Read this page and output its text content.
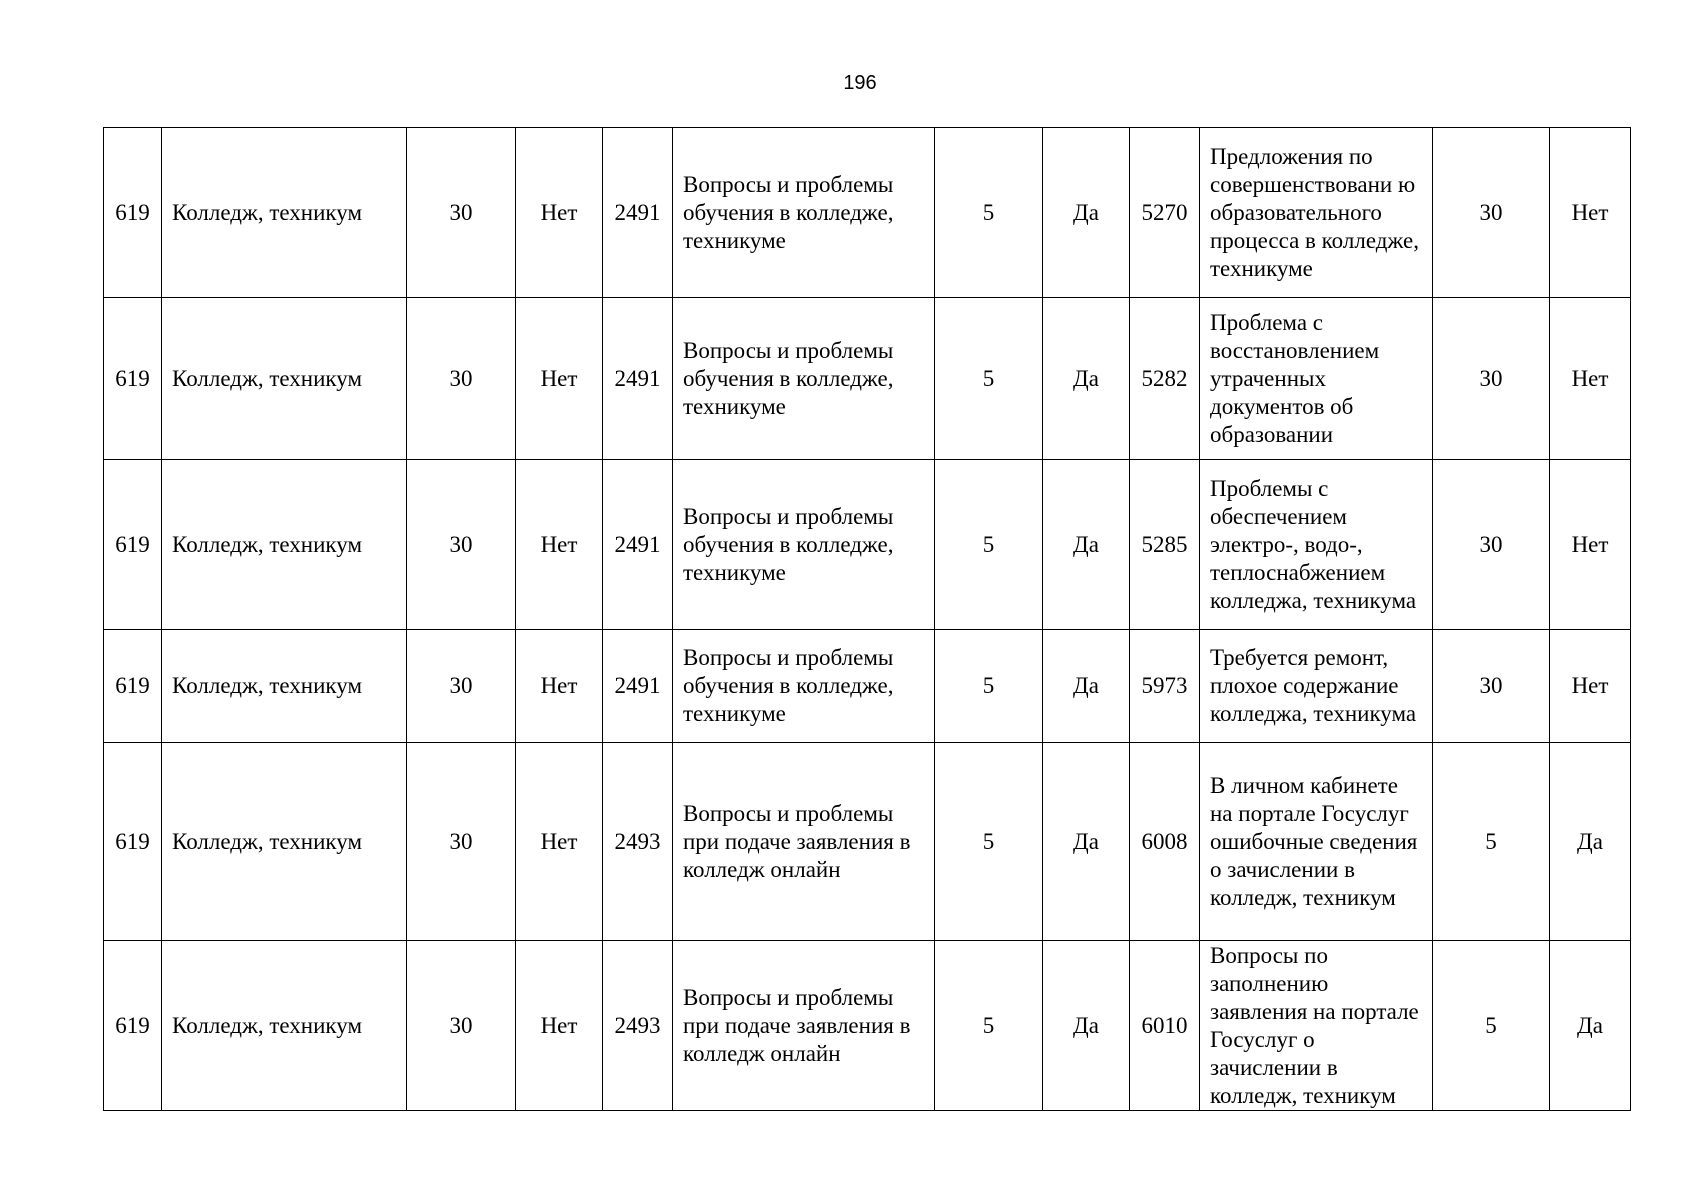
196
619	Колледж, техникум	30	Нет	2491	Вопросы и проблемы обучения в колледже, техникуме	5	Да	5270	Предложения по совершенствовани ю образовательного процесса в колледже, техникуме	30	Нет
619	Колледж, техникум	30	Нет	2491	Вопросы и проблемы обучения в колледже, техникуме	5	Да	5282	Проблема с восстановлением утраченных документов об образовании	30	Нет
619	Колледж, техникум	30	Нет	2491	Вопросы и проблемы обучения в колледже, техникуме	5	Да	5285	Проблемы с обеспечением электро-, водо-, теплоснабжением колледжа, техникума	30	Нет
619	Колледж, техникум	30	Нет	2491	Вопросы и проблемы обучения в колледже, техникуме	5	Да	5973	Требуется ремонт, плохое содержание колледжа, техникума	30	Нет
619	Колледж, техникум	30	Нет	2493	Вопросы и проблемы при подаче заявления в колледж онлайн	5	Да	6008	В личном кабинете на портале Госуслуг ошибочные сведения о зачислении в колледж, техникум	5	Да
619	Колледж, техникум	30	Нет	2493	Вопросы и проблемы при подаче заявления в колледж онлайн	5	Да	6010	Вопросы по заполнению заявления на портале Госуслуг о зачислении в колледж, техникум	5	Да
